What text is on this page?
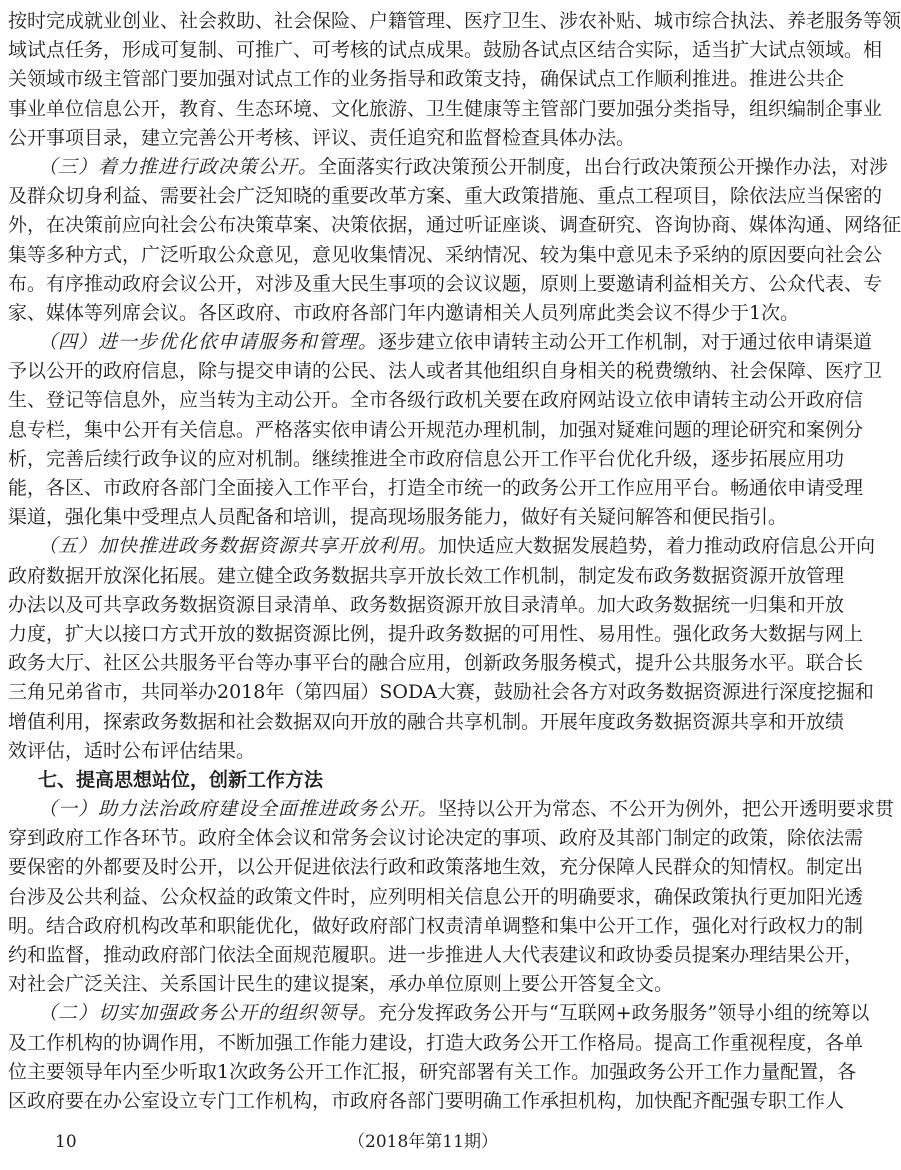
按时完成就业创业、社会救助、社会保险、户籍管理、医疗卫生、涉农补贴、城市综合执法、养老服务等领
域试点任务，形成可复制、可推广、可考核的试点成果。鼓励各试点区结合实际，适当扩大试点领域。相
关领域市级主管部门要加强对试点工作的业务指导和政策支持，确保试点工作顺利推进。推进公共企
事业单位信息公开，教育、生态环境、文化旅游、卫生健康等主管部门要加强分类指导，组织编制企事业
公开事项目录，建立完善公开考核、评议、责任追究和监督检查具体办法。
（三）着力推进行政决策公开。全面落实行政决策预公开制度，出台行政决策预公开操作办法，对涉
及群众切身利益、需要社会广泛知晓的重要改革方案、重大政策措施、重点工程项目，除依法应当保密的
外，在决策前应向社会公布决策草案、决策依据，通过听证座谈、调查研究、咨询协商、媒体沟通、网络征
集等多种方式，广泛听取公众意见，意见收集情况、采纳情况、较为集中意见未予采纳的原因要向社会公
布。有序推动政府会议公开，对涉及重大民生事项的会议议题，原则上要邀请利益相关方、公众代表、专
家、媒体等列席会议。各区政府、市政府各部门年内邀请相关人员列席此类会议不得少于1次。
（四）进一步优化依申请服务和管理。逐步建立依申请转主动公开工作机制，对于通过依申请渠道
予以公开的政府信息，除与提交申请的公民、法人或者其他组织自身相关的税费缴纳、社会保障、医疗卫
生、登记等信息外，应当转为主动公开。全市各级行政机关要在政府网站设立依申请转主动公开政府信
息专栏，集中公开有关信息。严格落实依申请公开规范办理机制，加强对疑难问题的理论研究和案例分
析，完善后续行政争议的应对机制。继续推进全市政府信息公开工作平台优化升级，逐步拓展应用功
能，各区、市政府各部门全面接入工作平台，打造全市统一的政务公开工作应用平台。畅通依申请受理
渠道，强化集中受理点人员配备和培训，提高现场服务能力，做好有关疑问解答和便民指引。
（五）加快推进政务数据资源共享开放利用。加快适应大数据发展趋势，着力推动政府信息公开向
政府数据开放深化拓展。建立健全政务数据共享开放长效工作机制，制定发布政务数据资源开放管理
办法以及可共享政务数据资源目录清单、政务数据资源开放目录清单。加大政务数据统一归集和开放
力度，扩大以接口方式开放的数据资源比例，提升政务数据的可用性、易用性。强化政务大数据与网上
政务大厅、社区公共服务平台等办事平台的融合应用，创新政务服务模式，提升公共服务水平。联合长
三角兄弟省市，共同举办2018年（第四届）SODA大赛，鼓励社会各方对政务数据资源进行深度挖掘和
增值利用，探索政务数据和社会数据双向开放的融合共享机制。开展年度政务数据资源共享和开放绩
效评估，适时公布评估结果。
七、提高思想站位，创新工作方法
（一）助力法治政府建设全面推进政务公开。坚持以公开为常态、不公开为例外，把公开透明要求贯
穿到政府工作各环节。政府全体会议和常务会议讨论决定的事项、政府及其部门制定的政策，除依法需
要保密的外都要及时公开，以公开促进依法行政和政策落地生效，充分保障人民群众的知情权。制定出
台涉及公共利益、公众权益的政策文件时，应列明相关信息公开的明确要求，确保政策执行更加阳光透
明。结合政府机构改革和职能优化，做好政府部门权责清单调整和集中公开工作，强化对行政权力的制
约和监督，推动政府部门依法全面规范履职。进一步推进人大代表建议和政协委员提案办理结果公开，
对社会广泛关注、关系国计民生的建议提案，承办单位原则上要公开答复全文。
（二）切实加强政务公开的组织领导。充分发挥政务公开与“互联网+政务服务”领导小组的统筹以
及工作机构的协调作用，不断加强工作能力建设，打造大政务公开工作格局。提高工作重视程度，各单
位主要领导年内至少听取1次政务公开工作汇报，研究部署有关工作。加强政务公开工作力量配置，各
区政府要在办公室设立专门工作机构，市政府各部门要明确工作承担机构，加快配齐配强专职工作人
10	（2018年第11期）
